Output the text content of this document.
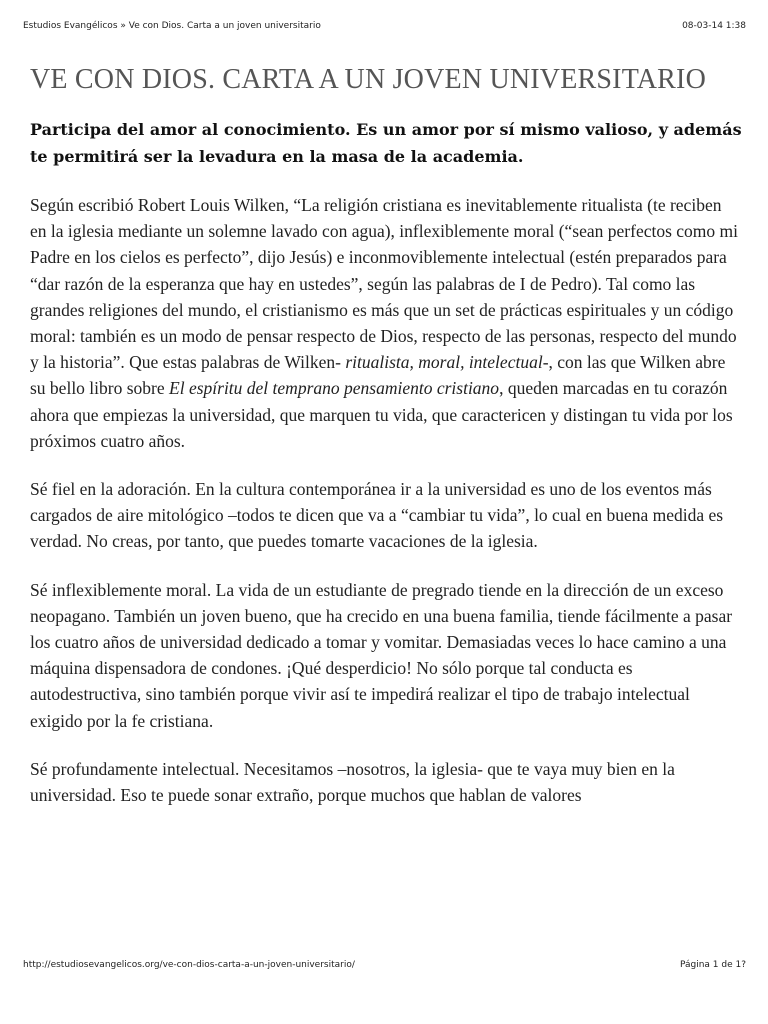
Estudios Evangélicos » Ve con Dios. Carta a un joven universitario	08-03-14 1:38
VE CON DIOS. CARTA A UN JOVEN UNIVERSITARIO

Participa del amor al conocimiento. Es un amor por sí mismo valioso, y además te permitirá ser la levadura en la masa de la academia.

Según escribió Robert Louis Wilken, “La religión cristiana es inevitablemente ritualista (te reciben en la iglesia mediante un solemne lavado con agua), inflexiblemente moral (“sean perfectos como mi Padre en los cielos es perfecto”, dijo Jesús) e inconmoviblemente intelectual (estén preparados para “dar razón de la esperanza que hay en ustedes”, según las palabras de I de Pedro). Tal como las grandes religiones del mundo, el cristianismo es más que un set de prácticas espirituales y un código moral: también es un modo de pensar respecto de Dios, respecto de las personas, respecto del mundo y la historia”. Que estas palabras de Wilken- ritualista, moral, intelectual-, con las que Wilken abre su bello libro sobre El espíritu del temprano pensamiento cristiano, queden marcadas en tu corazón ahora que empiezas la universidad, que marquen tu vida, que caractericen y distingan tu vida por los próximos cuatro años.

Sé fiel en la adoración. En la cultura contemporánea ir a la universidad es uno de los eventos más cargados de aire mitológico –todos te dicen que va a “cambiar tu vida”, lo cual en buena medida es verdad. No creas, por tanto, que puedes tomarte vacaciones de la iglesia.

Sé inflexiblemente moral. La vida de un estudiante de pregrado tiende en la dirección de un exceso neopagano. También un joven bueno, que ha crecido en una buena familia, tiende fácilmente a pasar los cuatro años de universidad dedicado a tomar y vomitar. Demasiadas veces lo hace camino a una máquina dispensadora de condones. ¡Qué desperdicio! No sólo porque tal conducta es autodestructiva, sino también porque vivir así te impedirá realizar el tipo de trabajo intelectual exigido por la fe cristiana.

Sé profundamente intelectual. Necesitamos –nosotros, la iglesia- que te vaya muy bien en la universidad. Eso te puede sonar extraño, porque muchos que hablan de valores

http://estudiosevangelicos.org/ve-con-dios-carta-a-un-joven-universitario/	Página 1 de 1?
